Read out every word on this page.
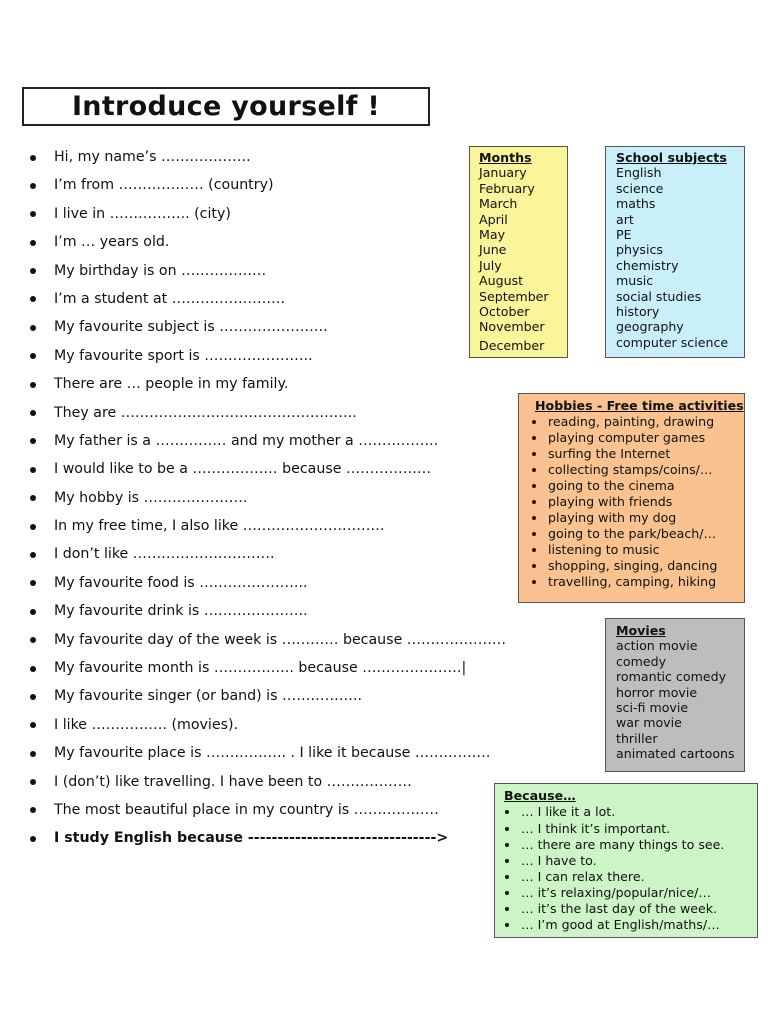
Introduce yourself !
Hi, my name’s ……………….
I’m from ……………… (country)
I live in …………….. (city)
I’m … years old.
My birthday is on ………………
I’m a student at ……………………
My favourite subject is …………………..
My favourite sport is …………………..
There are … people in my family.
They are …………………………………………..
My father is a …………… and my mother a ……………..
I would like to be a ……………… because ………………
My hobby is ………………….
In my free time, I also like …………………………
I don’t like …………………………
My favourite food is …………………..
My favourite drink is ………………….
My favourite day of the week is ………… because …………………
My favourite month is …………….. because …………………|
My favourite singer (or band) is ……………..
I like ……………. (movies).
My favourite place is …………….. . I like it because …………….
I (don’t) like travelling. I have been to ………………
The most beautiful place in my country is ………………
I study English because -------------------------------->
Months
January
February
March
April
May
June
July
August
September
October
November
December
School subjects
English
science
maths
art
PE
physics
chemistry
music
social studies
history
geography
computer science
Hobbies - Free time activities
reading, painting, drawing
playing computer games
surfing the Internet
collecting stamps/coins/…
going to the cinema
playing with friends
playing with my dog
going to the park/beach/…
listening to music
shopping, singing, dancing
travelling, camping, hiking
Movies
action movie
comedy
romantic comedy
horror movie
sci-fi movie
war movie
thriller
animated cartoons
Because…
… I like it a lot.
… I think it’s important.
… there are many things to see.
… I have to.
… I can relax there.
… it’s relaxing/popular/nice/…
… it’s the last day of the week.
… I’m good at English/maths/…
